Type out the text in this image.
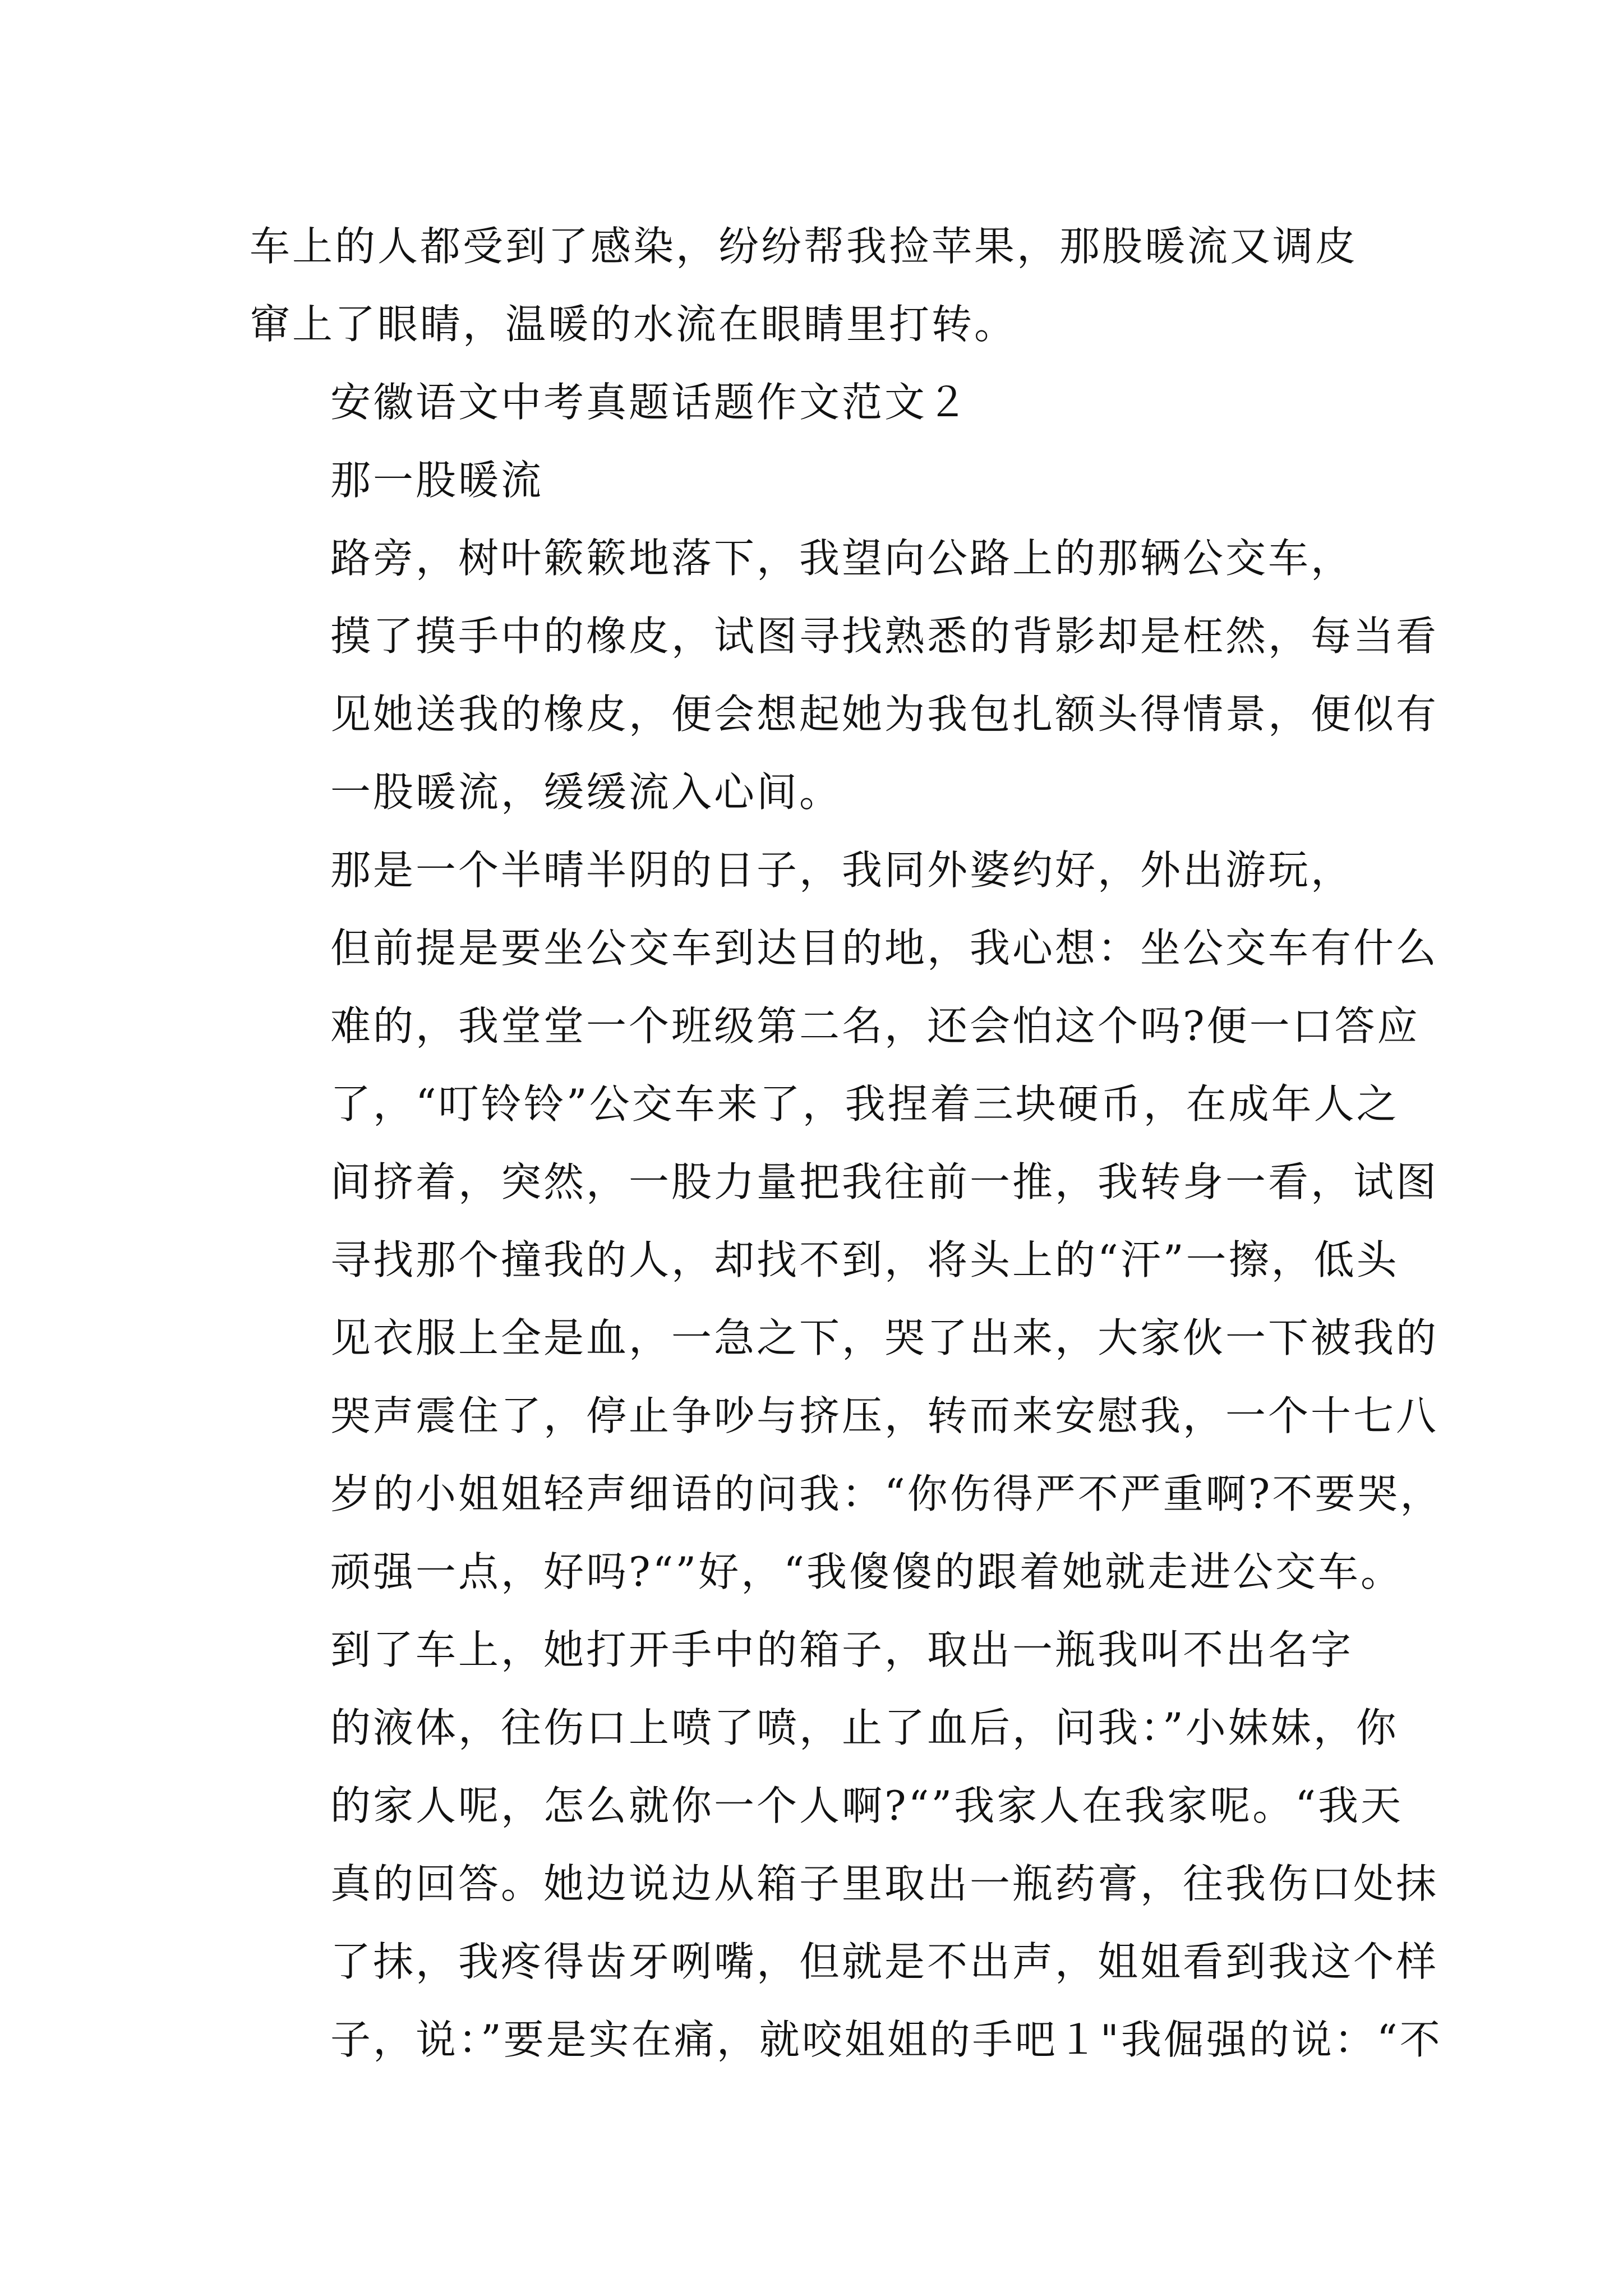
车上的人都受到了感染，纷纷帮我捡苹果，那股暖流又调皮
窜上了眼睛，温暖的水流在眼睛里打转。

安徽语文中考真题话题作文范文２

那一股暖流

路旁，树叶簌簌地落下，我望向公路上的那辆公交车，
摸了摸手中的橡皮，试图寻找熟悉的背影却是枉然，每当看
见她送我的橡皮，便会想起她为我包扎额头得情景，便似有
一股暖流，缓缓流入心间。

那是一个半晴半阴的日子，我同外婆约好，外出游玩，
但前提是要坐公交车到达目的地，我心想：坐公交车有什么
难的，我堂堂一个班级第二名，还会怕这个吗?便一口答应
了，“叮铃铃”公交车来了，我捏着三块硬币，在成年人之
间挤着，突然，一股力量把我往前一推，我转身一看，试图
寻找那个撞我的人，却找不到，将头上的“汗”一擦，低头
见衣服上全是血，一急之下，哭了出来，大家伙一下被我的
哭声震住了，停止争吵与挤压，转而来安慰我，一个十七八
岁的小姐姐轻声细语的问我：“你伤得严不严重啊?不要哭，
顽强一点，好吗?“”好，“我傻傻的跟着她就走进公交车。

到了车上，她打开手中的箱子，取出一瓶我叫不出名字
的液体，往伤口上喷了喷，止了血后，问我：”小妹妹，你
的家人呢，怎么就你一个人啊?“”我家人在我家呢。“我天
真的回答。她边说边从箱子里取出一瓶药膏，往我伤口处抹
了抹，我疼得齿牙咧嘴，但就是不出声，姐姐看到我这个样
子，说：”要是实在痛，就咬姐姐的手吧１"我倔强的说：“不
